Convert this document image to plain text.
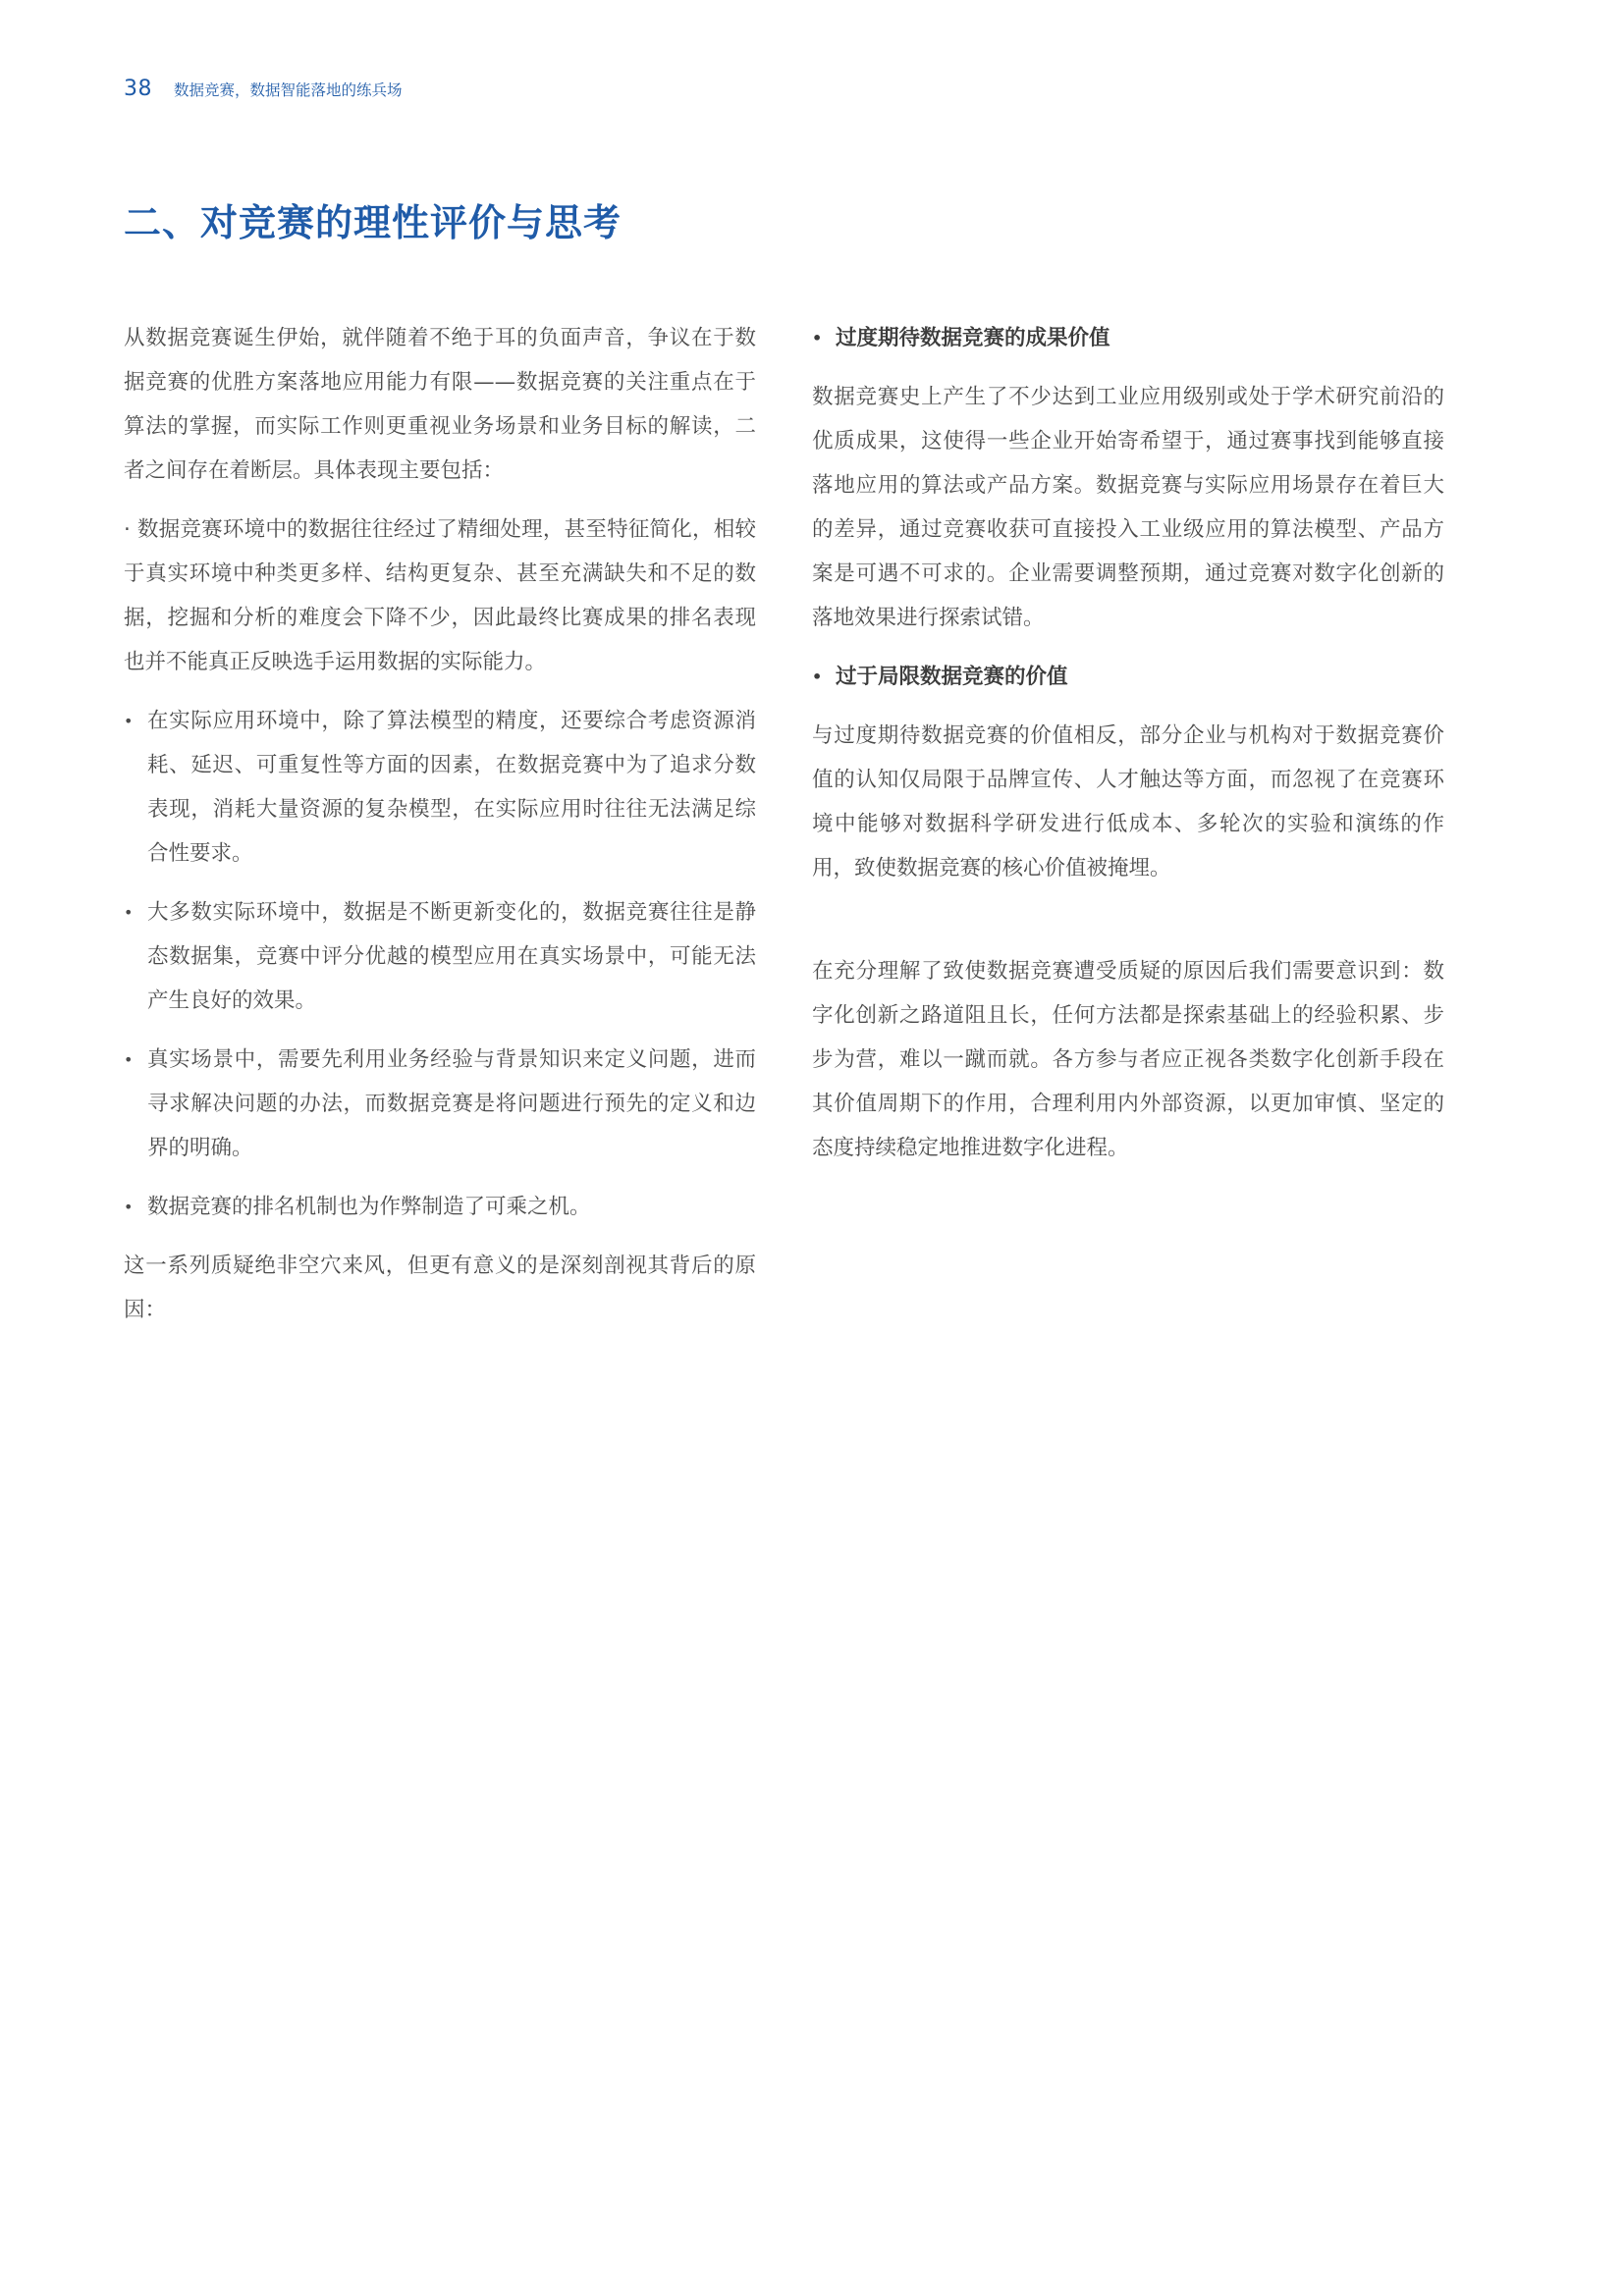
38 数据竞赛，数据智能落地的练兵场
二、对竞赛的理性评价与思考

从数据竞赛诞生伊始，就伴随着不绝于耳的负面声音，争议在于数据竞赛的优胜方案落地应用能力有限——数据竞赛的关注重点在于算法的掌握，而实际工作则更重视业务场景和业务目标的解读，二者之间存在着断层。具体表现主要包括：

· 数据竞赛环境中的数据往往经过了精细处理，甚至特征简化，相较于真实环境中种类更多样、结构更复杂、甚至充满缺失和不足的数据，挖掘和分析的难度会下降不少，因此最终比赛成果的排名表现也并不能真正反映选手运用数据的实际能力。

• 在实际应用环境中，除了算法模型的精度，还要综合考虑资源消耗、延迟、可重复性等方面的因素，在数据竞赛中为了追求分数表现，消耗大量资源的复杂模型，在实际应用时往往无法满足综合性要求。
• 大多数实际环境中，数据是不断更新变化的，数据竞赛往往是静态数据集，竞赛中评分优越的模型应用在真实场景中，可能无法产生良好的效果。
• 真实场景中，需要先利用业务经验与背景知识来定义问题，进而寻求解决问题的办法，而数据竞赛是将问题进行预先的定义和边界的明确。
• 数据竞赛的排名机制也为作弊制造了可乘之机。

这一系列质疑绝非空穴来风，但更有意义的是深刻剖视其背后的原因：

• 过度期待数据竞赛的成果价值

数据竞赛史上产生了不少达到工业应用级别或处于学术研究前沿的优质成果，这使得一些企业开始寄希望于，通过赛事找到能够直接落地应用的算法或产品方案。数据竞赛与实际应用场景存在着巨大的差异，通过竞赛收获可直接投入工业级应用的算法模型、产品方案是可遇不可求的。企业需要调整预期，通过竞赛对数字化创新的落地效果进行探索试错。

• 过于局限数据竞赛的价值

与过度期待数据竞赛的价值相反，部分企业与机构对于数据竞赛价值的认知仅局限于品牌宣传、人才触达等方面，而忽视了在竞赛环境中能够对数据科学研发进行低成本、多轮次的实验和演练的作用，致使数据竞赛的核心价值被掩埋。

在充分理解了致使数据竞赛遭受质疑的原因后我们需要意识到：数字化创新之路道阻且长，任何方法都是探索基础上的经验积累、步步为营，难以一蹴而就。各方参与者应正视各类数字化创新手段在其价值周期下的作用，合理利用内外部资源，以更加审慎、坚定的态度持续稳定地推进数字化进程。
